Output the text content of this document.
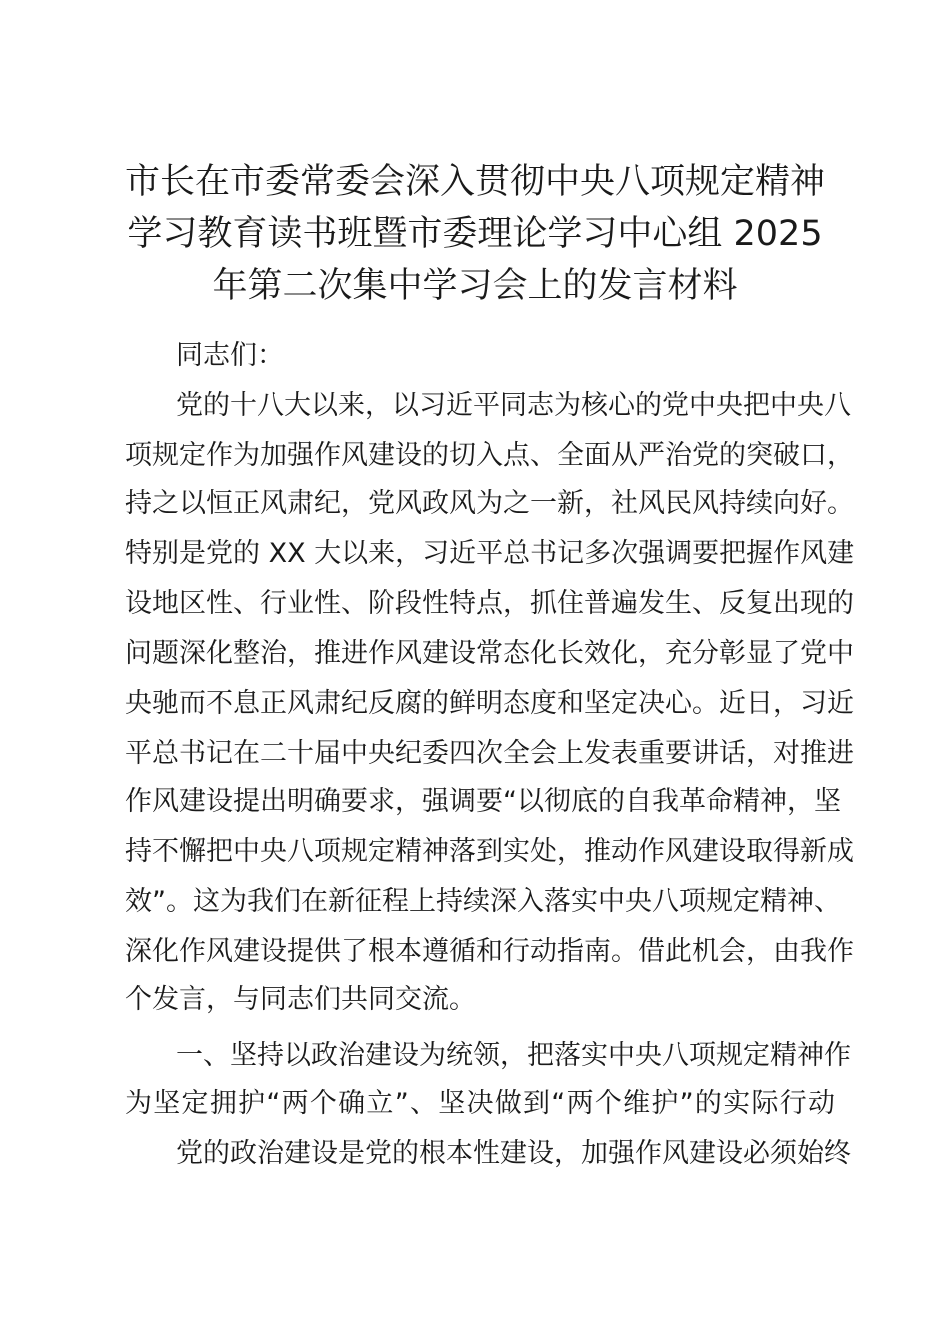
市长在市委常委会深入贯彻中央八项规定精神
学习教育读书班暨市委理论学习中心组 2025
年第二次集中学习会上的发言材料

同志们：

党的十八大以来，以习近平同志为核心的党中央把中央八

项规定作为加强作风建设的切入点、全面从严治党的突破口，

持之以恒正风肃纪，党风政风为之一新，社风民风持续向好。

特别是党的 XX 大以来，习近平总书记多次强调要把握作风建

设地区性、行业性、阶段性特点，抓住普遍发生、反复出现的

问题深化整治，推进作风建设常态化长效化，充分彰显了党中

央驰而不息正风肃纪反腐的鲜明态度和坚定决心。近日，习近

平总书记在二十届中央纪委四次全会上发表重要讲话，对推进

作风建设提出明确要求，强调要“以彻底的自我革命精神，坚

持不懈把中央八项规定精神落到实处，推动作风建设取得新成

效”。这为我们在新征程上持续深入落实中央八项规定精神、

深化作风建设提供了根本遵循和行动指南。借此机会，由我作

个发言，与同志们共同交流。

一、坚持以政治建设为统领，把落实中央八项规定精神作

为坚定拥护“两个确立”、坚决做到“两个维护”的实际行动

党的政治建设是党的根本性建设，加强作风建设必须始终
